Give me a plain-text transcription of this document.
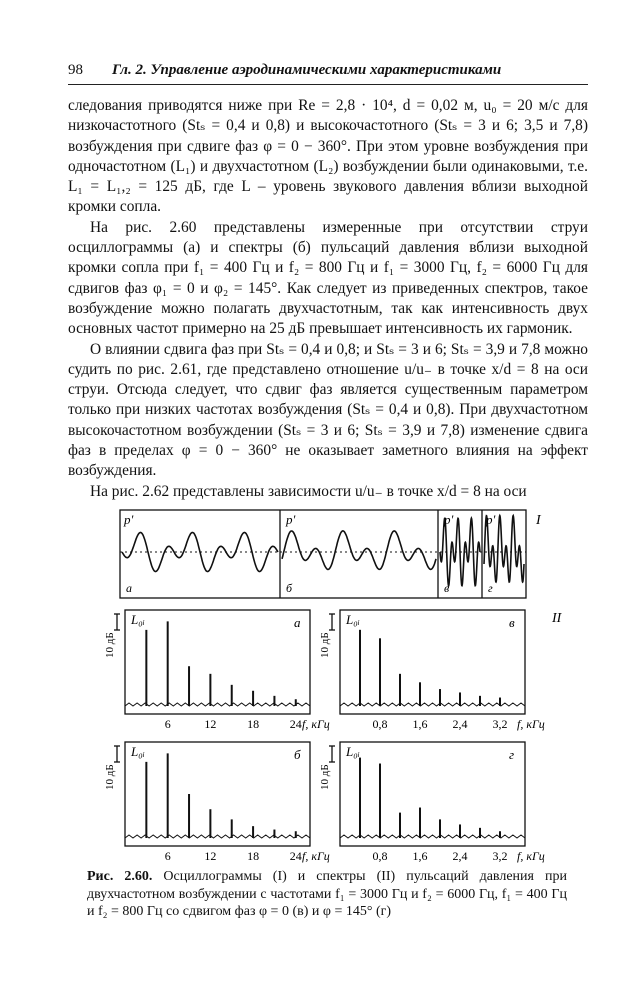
98 Гл. 2. Управление аэродинамическими характеристиками

следования приводятся ниже при Re = 2,8 · 10⁴, d = 0,02 м, u₀ = 20 м/с для низкочастотного (Stₛ = 0,4 и 0,8) и высокочастотного (Stₛ = 3 и 6; 3,5 и 7,8) возбуждения при сдвиге фаз φ = 0 − 360°. При этом уровне возбуждения при одночастотном (L₁) и двухчастотном (L₂) возбуждении были одинаковыми, т.е. L₁ = L₁,₂ = 125 дБ, где L – уровень звукового давления вблизи выходной кромки сопла.

На рис. 2.60 представлены измеренные при отсутствии струи осциллограммы (а) и спектры (б) пульсаций давления вблизи выходной кромки сопла при f₁ = 400 Гц и f₂ = 800 Гц и f₁ = 3000 Гц, f₂ = 6000 Гц для сдвигов фаз φ₁ = 0 и φ₂ = 145°. Как следует из приведенных спектров, такое возбуждение можно полагать двухчастотным, так как интенсивность двух основных частот примерно на 25 дБ превышает интенсивность их гармоник.

О влиянии сдвига фаз при Stₛ = 0,4 и 0,8; и Stₛ = 3 и 6; Stₛ = 3,9 и 7,8 можно судить по рис. 2.61, где представлено отношение u/u₋ в точке x/d = 8 на оси струи. Отсюда следует, что сдвиг фаз является существенным параметром только при низких частотах возбуждения (Stₛ = 0,4 и 0,8). При двухчастотном высокочастотном возбуждении (Stₛ = 3 и 6; Stₛ = 3,9 и 7,8) изменение сдвига фаз в пределах φ = 0 − 360° не оказывает заметного влияния на эффект возбуждения.

На рис. 2.62 представлены зависимости u/u₋ в точке x/d = 8 на оси

p'	p'	p'	p'
а	б	в	г
I
II
L₀ᵢ	а
10 дБ
6	12	18	24 f, кГц
L₀ᵢ	в
10 дБ
0,8 1,6 2,4 3,2 f, кГц
L₀ᵢ	б
10 дБ
6	12	18	24 f, кГц
L₀ᵢ	г
10 дБ
0,8 1,6 2,4 3,2 f, кГц
Рис. 2.60. Осциллограммы (I) и спектры (II) пульсаций давления при двухчастотном возбуждении с частотами f₁ = 3000 Гц и f₂ = 6000 Гц, f₁ = 400 Гц и f₂ = 800 Гц со сдвигом фаз φ = 0 (в) и φ = 145° (г)
